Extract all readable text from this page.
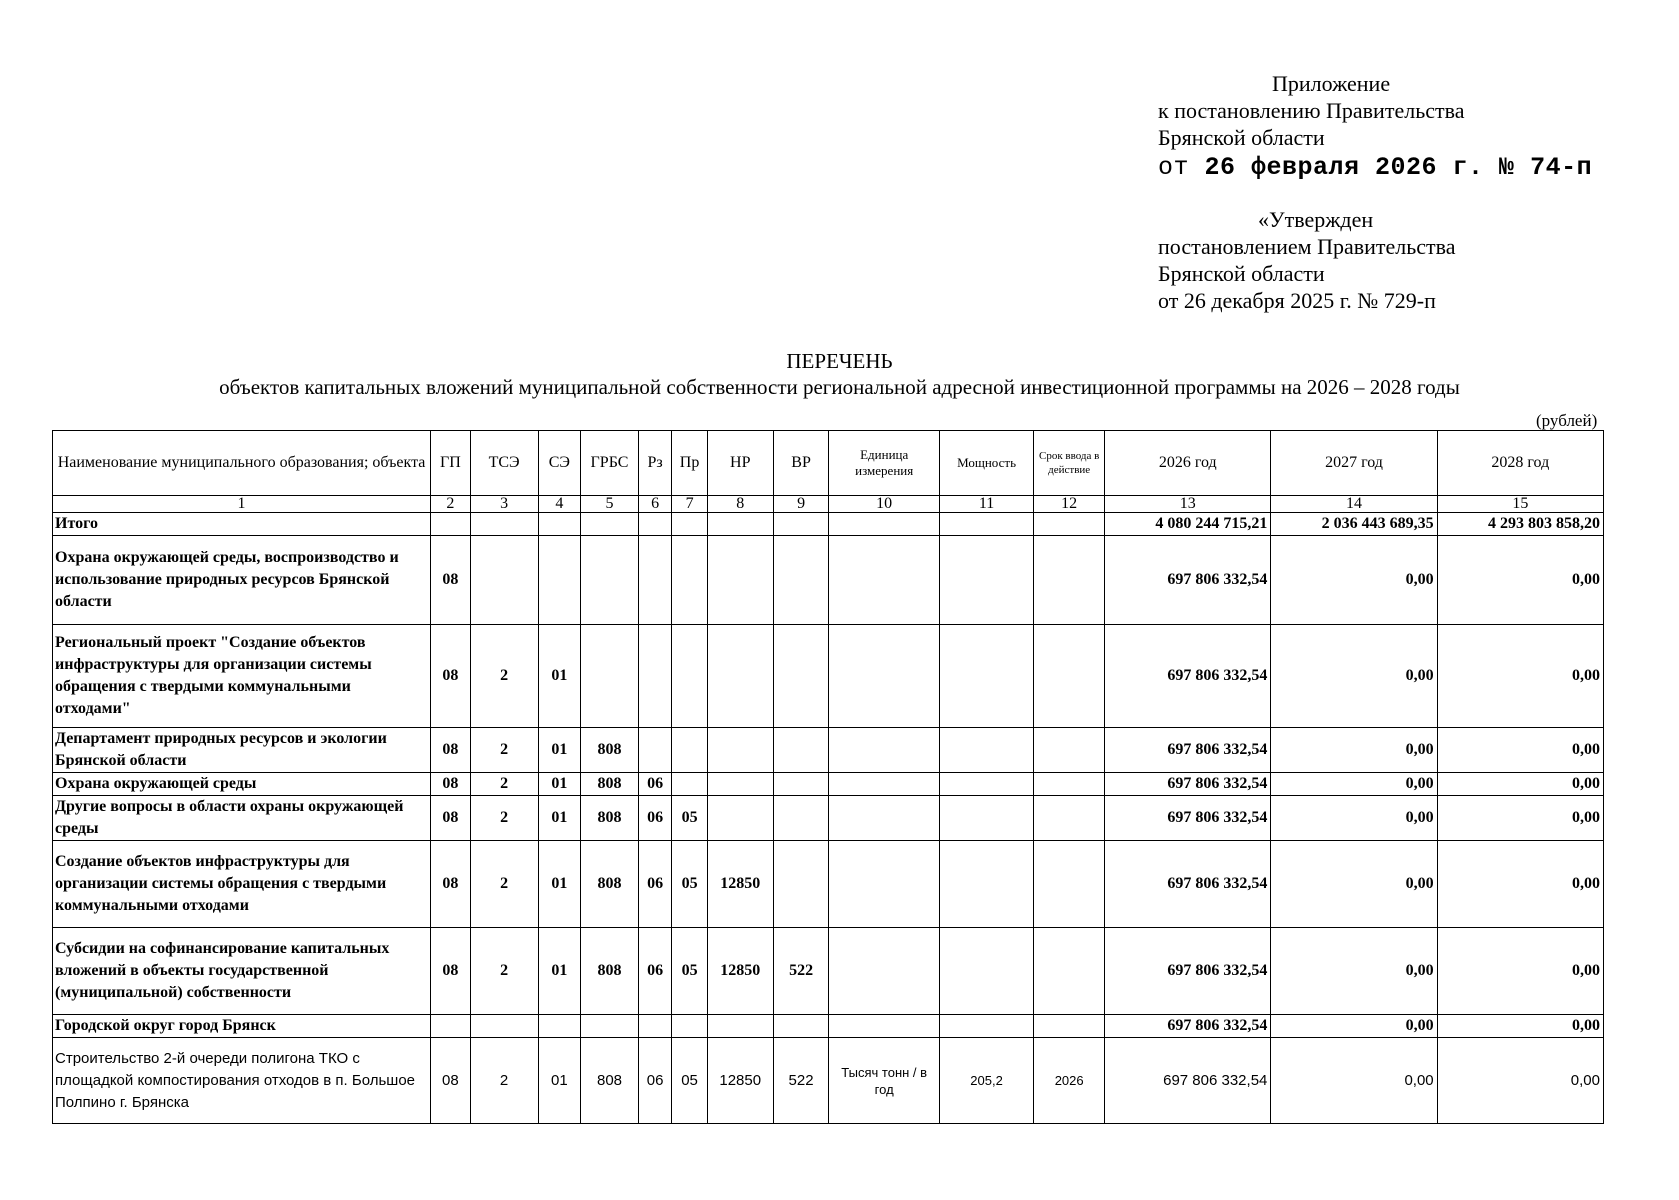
Приложение
к постановлению Правительства
Брянской области
от 26 февраля 2026 г. № 74-п
«Утвержден
постановлением Правительства
Брянской области
от 26 декабря 2025 г. № 729-п
ПЕРЕЧЕНЬ
объектов капитальных вложений муниципальной собственности региональной адресной инвестиционной программы на 2026 – 2028 годы
(рублей)
Наименование муниципального образования; объекта	ГП	ТСЭ	СЭ	ГРБС	Рз	Пр	НР	ВР	Единица измерения	Мощность	Срок ввода в действие	2026 год	2027 год	2028 год
1	2	3	4	5	6	7	8	9	10	11	12	13	14	15
Итого												4 080 244 715,21	2 036 443 689,35	4 293 803 858,20
Охрана окружающей среды, воспроизводство и использование природных ресурсов Брянской области	08											697 806 332,54	0,00	0,00
Региональный проект "Создание объектов инфраструктуры для организации системы обращения с твердыми коммунальными отходами"	08	2	01									697 806 332,54	0,00	0,00
Департамент природных ресурсов и экологии Брянской области	08	2	01	808								697 806 332,54	0,00	0,00
Охрана окружающей среды	08	2	01	808	06							697 806 332,54	0,00	0,00
Другие вопросы в области охраны окружающей среды	08	2	01	808	06	05						697 806 332,54	0,00	0,00
Создание объектов инфраструктуры для организации системы обращения с твердыми коммунальными отходами	08	2	01	808	06	05	12850					697 806 332,54	0,00	0,00
Субсидии на софинансирование капитальных вложений в объекты государственной (муниципальной) собственности	08	2	01	808	06	05	12850	522				697 806 332,54	0,00	0,00
Городской округ город Брянск												697 806 332,54	0,00	0,00
Строительство 2-й очереди полигона ТКО с площадкой компостирования отходов в п. Большое Полпино г. Брянска	08	2	01	808	06	05	12850	522	Тысяч тонн / в год	205,2	2026	697 806 332,54	0,00	0,00
